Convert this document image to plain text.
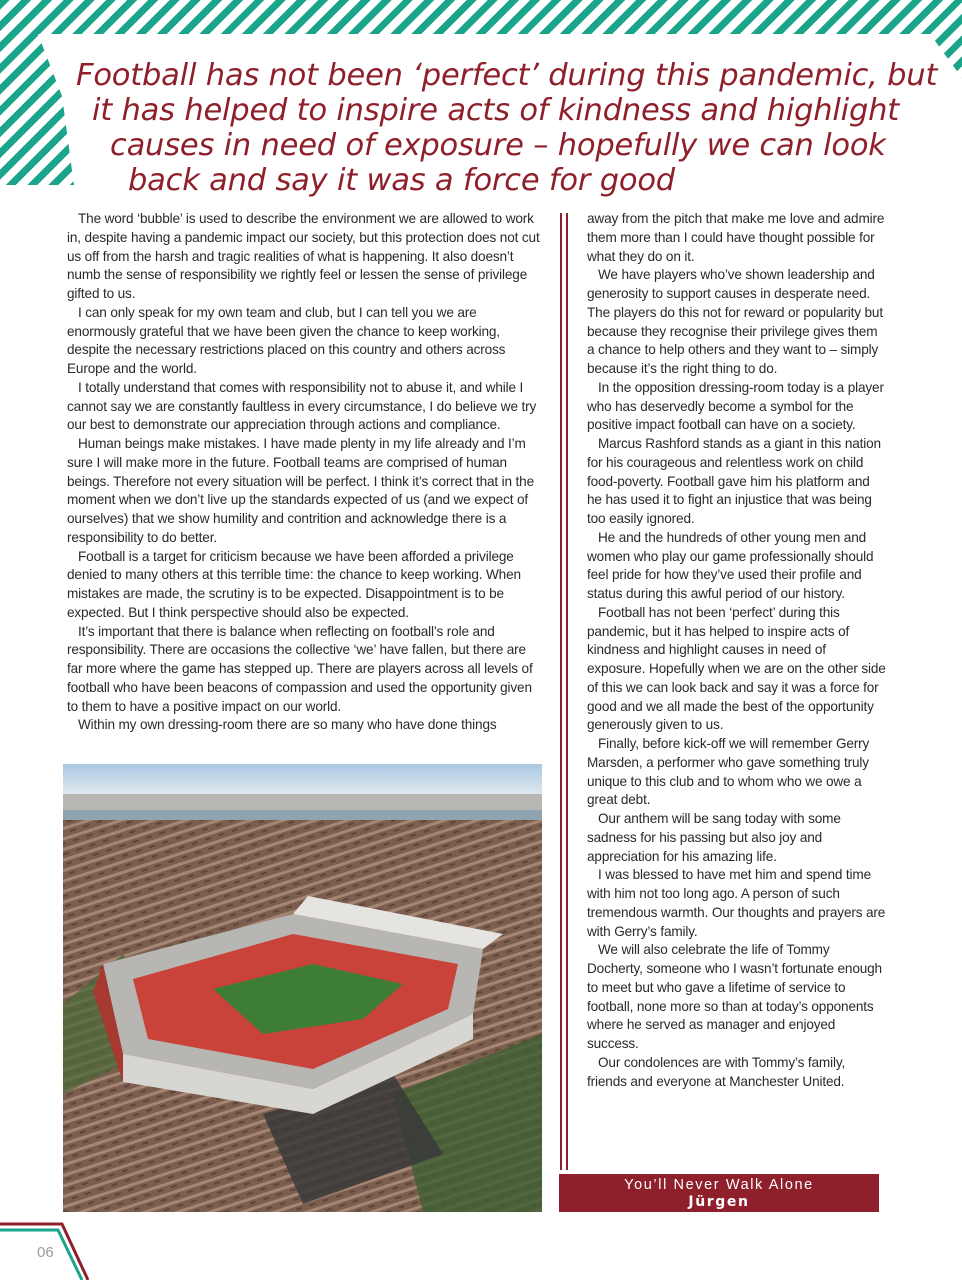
Football has not been ‘perfect’ during this pandemic, but
it has helped to inspire acts of kindness and highlight
causes in need of exposure – hopefully we can look
back and say it was a force for good

The word ‘bubble’ is used to describe the environment we are allowed to work in, despite having a pandemic impact our society, but this protection does not cut us off from the harsh and tragic realities of what is happening. It also doesn’t numb the sense of responsibility we rightly feel or lessen the sense of privilege gifted to us.

I can only speak for my own team and club, but I can tell you we are enormously grateful that we have been given the chance to keep working, despite the necessary restrictions placed on this country and others across Europe and the world.

I totally understand that comes with responsibility not to abuse it, and while I cannot say we are constantly faultless in every circumstance, I do believe we try our best to demonstrate our appreciation through actions and compliance.

Human beings make mistakes. I have made plenty in my life already and I’m sure I will make more in the future. Football teams are comprised of human beings. Therefore not every situation will be perfect. I think it’s correct that in the moment when we don’t live up the standards expected of us (and we expect of ourselves) that we show humility and contrition and acknowledge there is a responsibility to do better.

Football is a target for criticism because we have been afforded a privilege denied to many others at this terrible time: the chance to keep working. When mistakes are made, the scrutiny is to be expected. Disappointment is to be expected. But I think perspective should also be expected.

It’s important that there is balance when reflecting on football’s role and responsibility. There are occasions the collective ‘we’ have fallen, but there are far more where the game has stepped up. There are players across all levels of football who have been beacons of compassion and used the opportunity given to them to have a positive impact on our world.

Within my own dressing-room there are so many who have done things

away from the pitch that make me love and admire them more than I could have thought possible for what they do on it.

We have players who’ve shown leadership and generosity to support causes in desperate need. The players do this not for reward or popularity but because they recognise their privilege gives them a chance to help others and they want to – simply because it’s the right thing to do.

In the opposition dressing-room today is a player who has deservedly become a symbol for the positive impact football can have on a society.

Marcus Rashford stands as a giant in this nation for his courageous and relentless work on child food-poverty. Football gave him his platform and he has used it to fight an injustice that was being too easily ignored.

He and the hundreds of other young men and women who play our game professionally should feel pride for how they’ve used their profile and status during this awful period of our history.

Football has not been ‘perfect’ during this pandemic, but it has helped to inspire acts of kindness and highlight causes in need of exposure. Hopefully when we are on the other side of this we can look back and say it was a force for good and we all made the best of the opportunity generously given to us.

Finally, before kick-off we will remember Gerry Marsden, a performer who gave something truly unique to this club and to whom who we owe a great debt.

Our anthem will be sang today with some sadness for his passing but also joy and appreciation for his amazing life.

I was blessed to have met him and spend time with him not too long ago. A person of such tremendous warmth. Our thoughts and prayers are with Gerry’s family.

We will also celebrate the life of Tommy Docherty, someone who I wasn’t fortunate enough to meet but who gave a lifetime of service to football, none more so than at today’s opponents where he served as manager and enjoyed success.

Our condolences are with Tommy’s family, friends and everyone at Manchester United.

You’ll Never Walk Alone
Jürgen
06
